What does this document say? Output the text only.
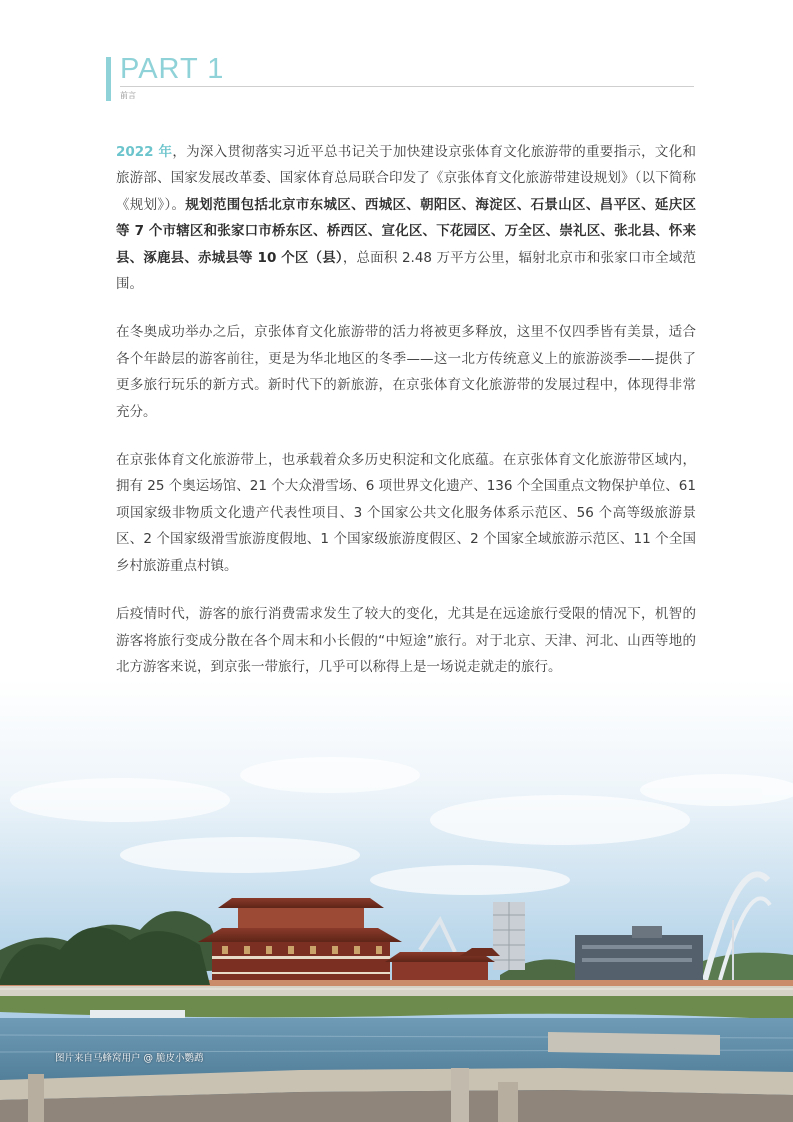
PART 1
前言

2022 年，为深入贯彻落实习近平总书记关于加快建设京张体育文化旅游带的重要指示，文化和旅游部、国家发展改革委、国家体育总局联合印发了《京张体育文化旅游带建设规划》（以下简称《规划》）。规划范围包括北京市东城区、西城区、朝阳区、海淀区、石景山区、昌平区、延庆区等 7 个市辖区和张家口市桥东区、桥西区、宣化区、下花园区、万全区、崇礼区、张北县、怀来县、涿鹿县、赤城县等 10 个区（县），总面积 2.48 万平方公里，辐射北京市和张家口市全域范围。

在冬奥成功举办之后，京张体育文化旅游带的活力将被更多释放，这里不仅四季皆有美景，适合各个年龄层的游客前往，更是为华北地区的冬季——这一北方传统意义上的旅游淡季——提供了更多旅行玩乐的新方式。新时代下的新旅游，在京张体育文化旅游带的发展过程中，体现得非常充分。

在京张体育文化旅游带上，也承载着众多历史积淀和文化底蕴。在京张体育文化旅游带区域内，拥有 25 个奥运场馆、21 个大众滑雪场、6 项世界文化遗产、136 个全国重点文物保护单位、61 项国家级非物质文化遗产代表性项目、3 个国家公共文化服务体系示范区、56 个高等级旅游景区、2 个国家级滑雪旅游度假地、1 个国家级旅游度假区、2 个国家全域旅游示范区、11 个全国乡村旅游重点村镇。

后疫情时代，游客的旅行消费需求发生了较大的变化，尤其是在远途旅行受限的情况下，机智的游客将旅行变成分散在各个周末和小长假的“中短途”旅行。对于北京、天津、河北、山西等地的北方游客来说，到京张一带旅行，几乎可以称得上是一场说走就走的旅行。

图片来自马蜂窝用户 @ 脆皮小鹦鹉
